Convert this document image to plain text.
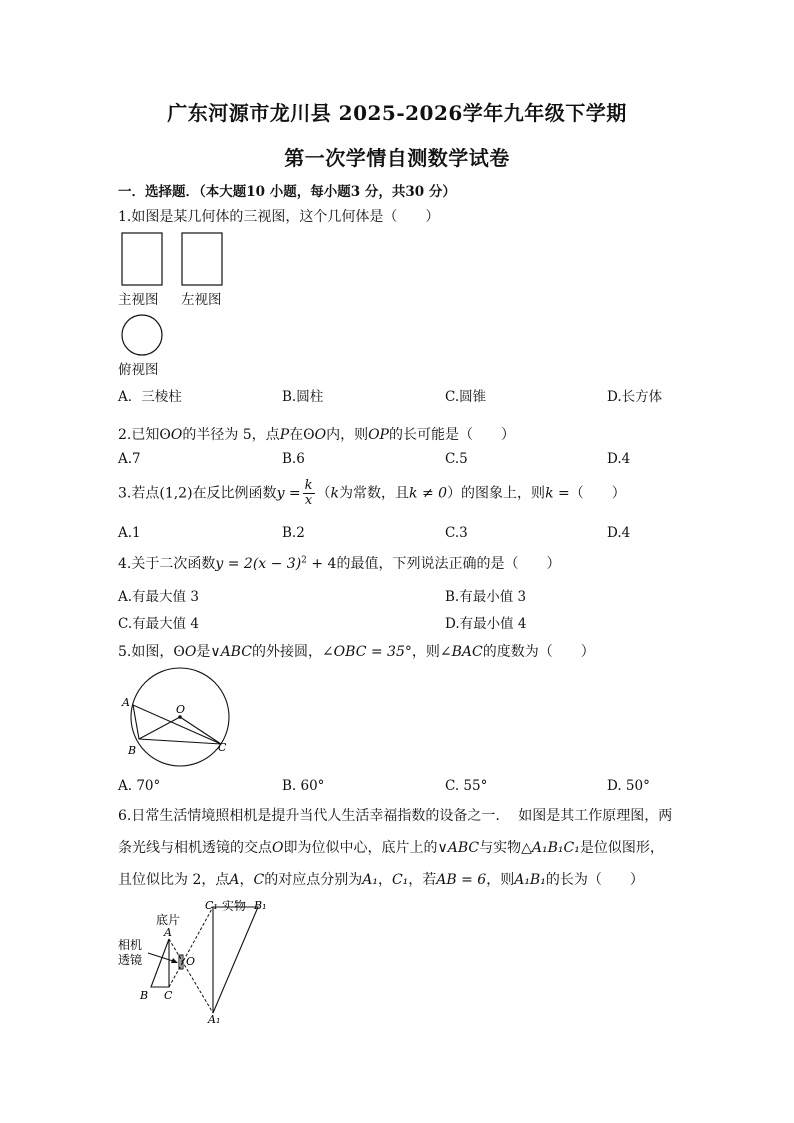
广东河源市龙川县 2025-2026学年九年级下学期
第一次学情自测数学试卷
一．选择题．（本大题10 小题，每小题3 分，共30 分）
1.如图是某几何体的三视图，这个几何体是（　　）
主视图 左视图
俯视图
A．三棱柱	B.圆柱	C.圆锥	D.长方体
2.已知ʘO的半径为 5，点P在ʘO内，则OP的长可能是（　　）
A.7	B.6	C.5	D.4
3.若点(1,2)在反比例函数$y = \frac{k}{x} (k$为常数，且k ≠ 0）的图象上，则k =（　　）
A.1	B.2	C.3	D.4
4.关于二次函数$y = 2(x - 3)^2 + 4$的最值，下列说法正确的是（　　）
A.有最大值 3	B.有最小值 3
C.有最大值 4	D.有最小值 4
5.如图，ʘO是∨ABC的外接圆，∠OBC = 35°，则∠BAC的度数为（　　）
A
B	C
O
A. 70°	B. 60°	C. 55°	D. 50°
6.日常生活情境照相机是提升当代人生活幸福指数的设备之一.　 如图是其工作原理图，两
条光线与相机透镜的交点O即为位似中心，底片上的∨ABC与实物△A₁B₁C₁是位似图形，
且位似比为 2，点A，C的对应点分别为A₁，C₁，若AB = 6，则A₁B₁的长为（　　）
底片
实物
相机
透镜
A
B C
O
C₁	B₁
A₁
